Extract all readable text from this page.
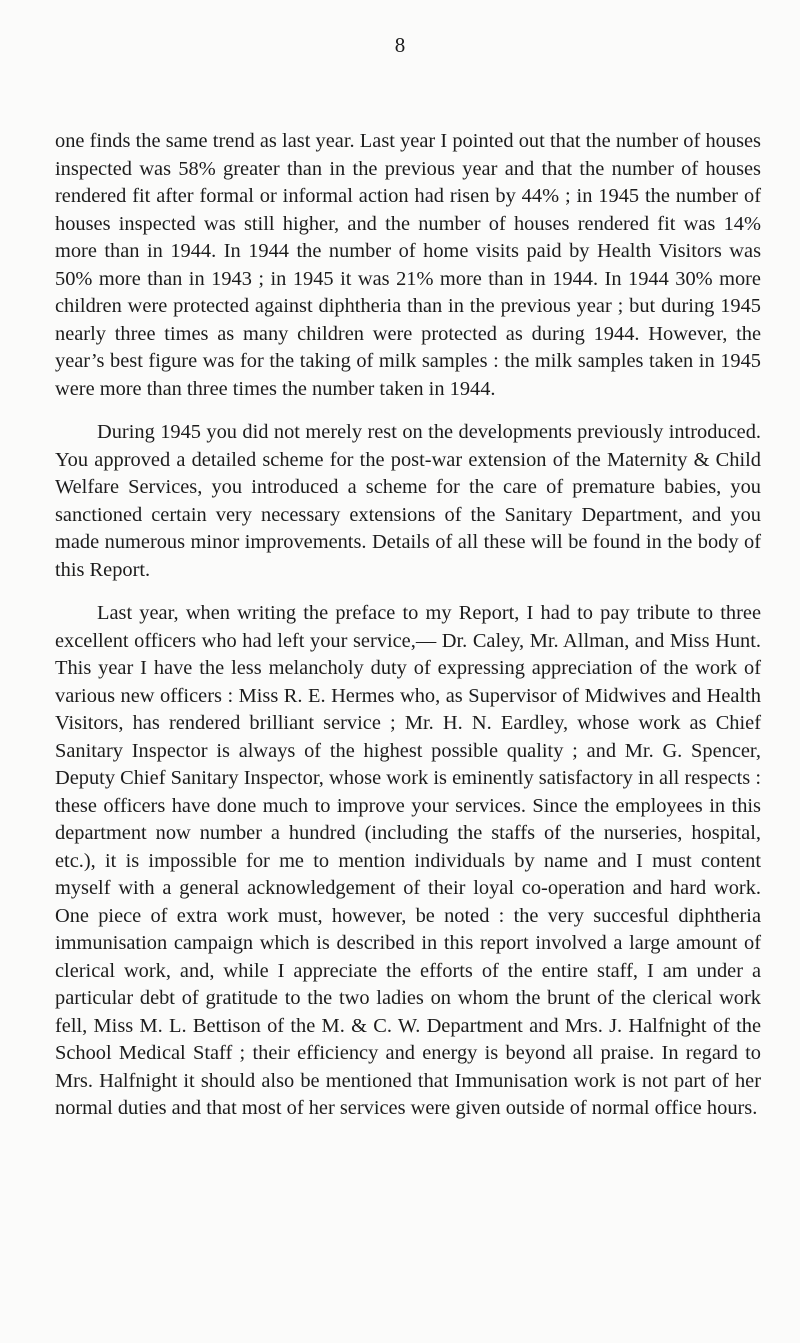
8

one finds the same trend as last year. Last year I pointed out that the number of houses inspected was 58% greater than in the previous year and that the number of houses rendered fit after formal or informal action had risen by 44% ; in 1945 the number of houses inspected was still higher, and the number of houses rendered fit was 14% more than in 1944. In 1944 the number of home visits paid by Health Visitors was 50% more than in 1943 ; in 1945 it was 21% more than in 1944. In 1944 30% more children were protected against diphtheria than in the previous year ; but during 1945 nearly three times as many children were protected as during 1944. However, the year’s best figure was for the taking of milk samples : the milk samples taken in 1945 were more than three times the number taken in 1944.

During 1945 you did not merely rest on the developments previously introduced. You approved a detailed scheme for the post-war extension of the Maternity & Child Welfare Services, you introduced a scheme for the care of premature babies, you sanctioned certain very necessary extensions of the Sanitary Department, and you made numerous minor improvements. Details of all these will be found in the body of this Report.

Last year, when writing the preface to my Report, I had to pay tribute to three excellent officers who had left your service,— Dr. Caley, Mr. Allman, and Miss Hunt. This year I have the less melancholy duty of expressing appreciation of the work of various new officers : Miss R. E. Hermes who, as Supervisor of Midwives and Health Visitors, has rendered brilliant service ; Mr. H. N. Eardley, whose work as Chief Sanitary Inspector is always of the highest possible quality ; and Mr. G. Spencer, Deputy Chief Sanitary Inspector, whose work is eminently satisfactory in all respects : these officers have done much to improve your services. Since the employees in this department now number a hundred (including the staffs of the nurseries, hospital, etc.), it is impossible for me to mention individuals by name and I must content myself with a general acknowledgement of their loyal co-operation and hard work. One piece of extra work must, however, be noted : the very succesful diphtheria immunisation campaign which is described in this report involved a large amount of clerical work, and, while I appreciate the efforts of the entire staff, I am under a particular debt of gratitude to the two ladies on whom the brunt of the clerical work fell, Miss M. L. Bettison of the M. & C. W. Department and Mrs. J. Halfnight of the School Medical Staff ; their efficiency and energy is beyond all praise. In regard to Mrs. Halfnight it should also be mentioned that Immunisation work is not part of her normal duties and that most of her services were given outside of normal office hours.
